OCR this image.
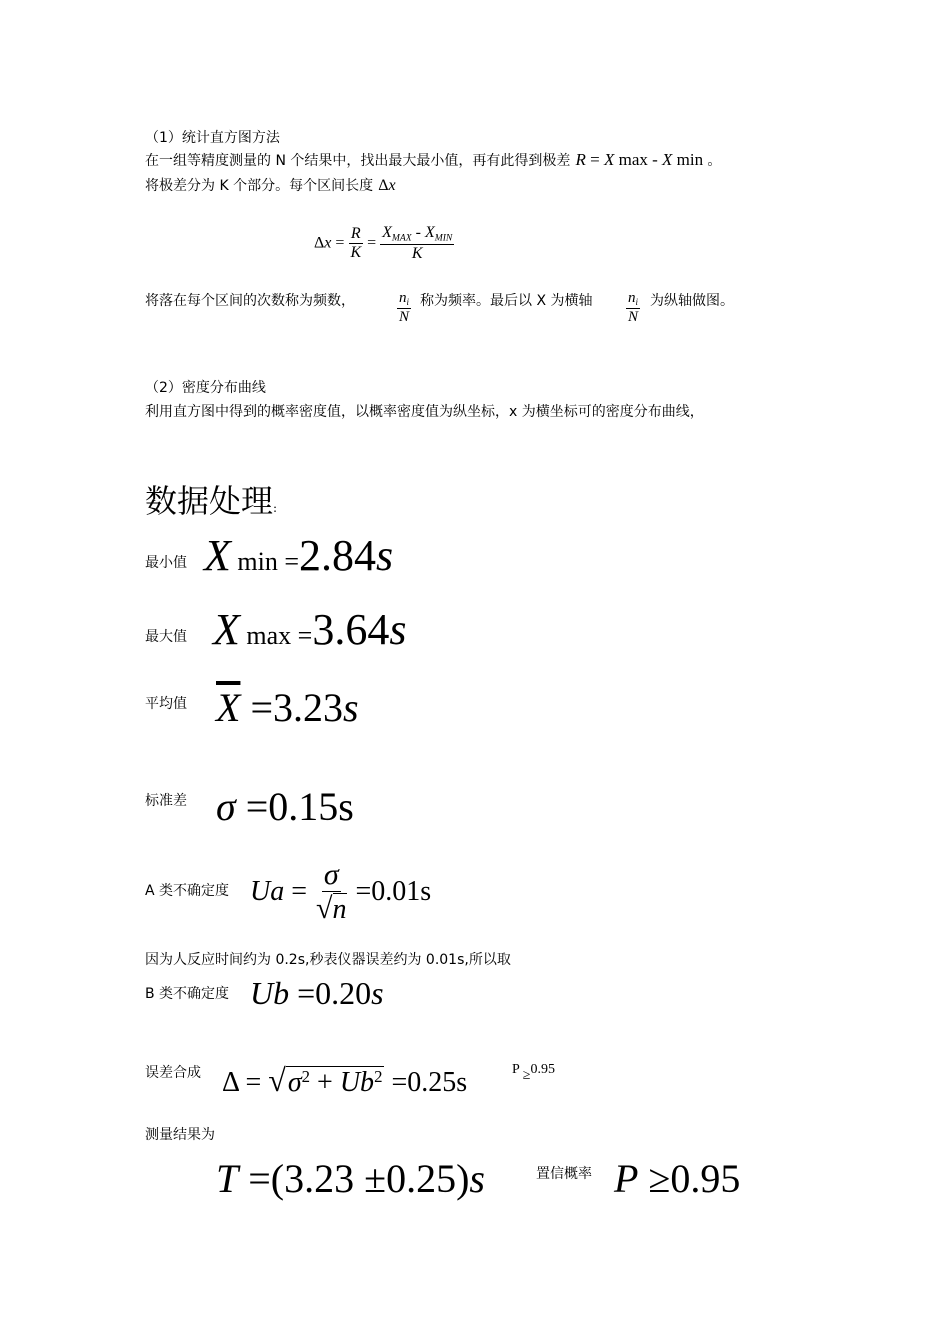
（1）统计直方图方法
在一组等精度测量的 N 个结果中，找出最大最小值，再有此得到极差 R = X max - X min 。
将极差分为 K 个部分。每个区间长度 Δx
$\Delta x = \frac{R}{K} = \frac{X_{MAX} - X_{MIN}}{K}$
将落在每个区间的次数称为频数，	$\frac{n_i}{N}$ 称为频率。最后以 X 为横轴 $\frac{n_i}{N}$ 为纵轴做图。
（2）密度分布曲线
利用直方图中得到的概率密度值，以概率密度值为纵坐标，x 为横坐标可的密度分布曲线，
数据处理:
最小值 X min =2.84s
最大值 X max =3.64s
平均值 $\overline{X} =3.23s$
标准差 σ =0.15s
A 类不确定度 $Ua = \frac{\sigma}{√n} =0.01s$
因为人反应时间约为 0.2s,秒表仪器误差约为 0.01s,所以取
B 类不确定度 Ub =0.20s
误差合成 $\Delta = √\sigma^2 + Ub^2 =0.25s$	P ≥0.95
测量结果为
T =(3.23 ±0.25)s	置信概率 P ≥0.95
